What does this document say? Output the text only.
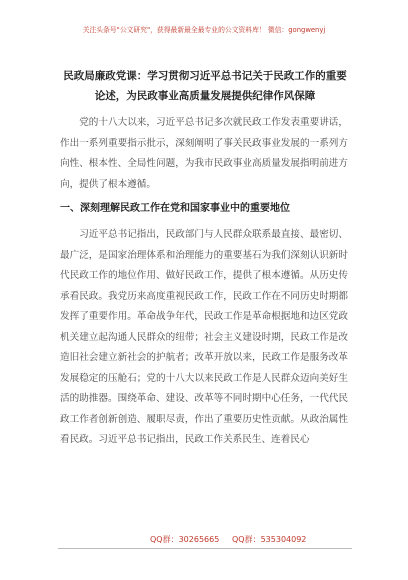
关注头条号"公文研究"，获得最新最全最专业的公文资料库！ 微信：gongwenyj
民政局廉政党课：学习贯彻习近平总书记关于民政工作的重要论述，为民政事业高质量发展提供纪律作风保障

党的十八大以来，习近平总书记多次就民政工作发表重要讲话，作出一系列重要指示批示，深刻阐明了事关民政事业发展的一系列方向性、根本性、全局性问题，为我市民政事业高质量发展指明前进方向，提供了根本遵循。

一、深刻理解民政工作在党和国家事业中的重要地位

习近平总书记指出，民政部门与人民群众联系最直接、最密切、最广泛，是国家治理体系和治理能力的重要基石为我们深刻认识新时代民政工作的地位作用、做好民政工作，提供了根本遵循。从历史传承看民政。我党历来高度重视民政工作，民政工作在不同历史时期都发挥了重要作用。革命战争年代，民政工作是革命根据地和边区党政机关建立起沟通人民群众的纽带；社会主义建设时期，民政工作是改造旧社会建立新社会的护航者；改革开放以来，民政工作是服务改革发展稳定的压舱石；党的十八大以来民政工作是人民群众迈向美好生活的助推器。围绕革命、建设、改革等不同时期中心任务，一代代民政工作者创新创造、履职尽责，作出了重要历史性贡献。从政治属性看民政。习近平总书记指出，民政工作关系民生、连着民心

QQ群：30265665 QQ群：535304092
